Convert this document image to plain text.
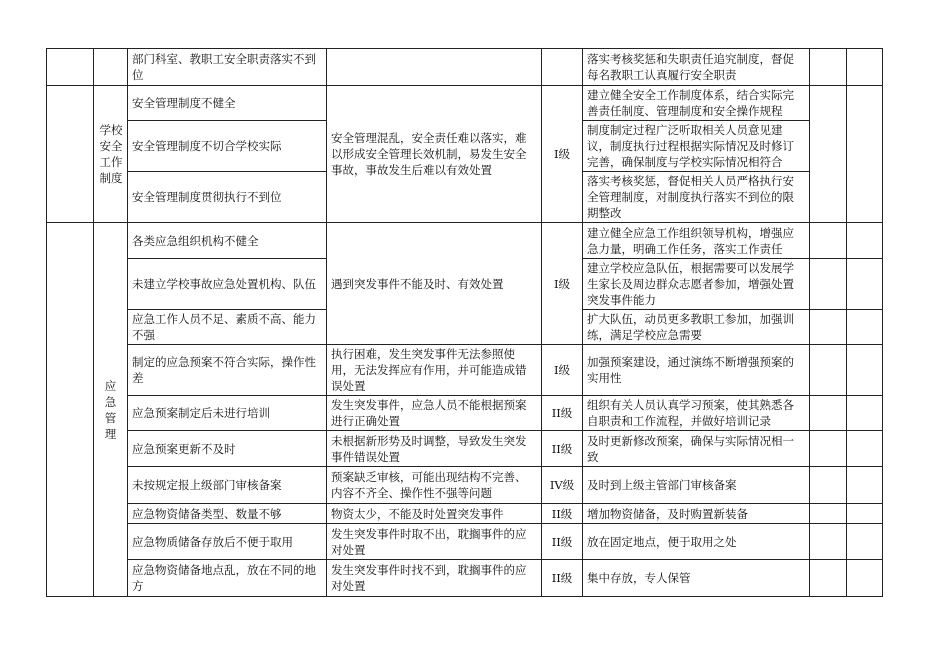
		部门科室、教职工安全职责落实不到位			落实考核奖惩和失职责任追究制度，督促每名教职工认真履行安全职责		
	学校安全工作制度	安全管理制度不健全	安全管理混乱，安全责任难以落实，难以形成安全管理长效机制，易发生安全事故，事故发生后难以有效处置	I级	建立健全安全工作制度体系，结合实际完善责任制度、管理制度和安全操作规程		
		安全管理制度不切合学校实际			制度制定过程广泛听取相关人员意见建议，制度执行过程根据实际情况及时修订完善，确保制度与学校实际情况相符合		
		安全管理制度贯彻执行不到位			落实考核奖惩，督促相关人员严格执行安全管理制度，对制度执行落实不到位的限期整改		

	应急管理	各类应急组织机构不健全	遇到突发事件不能及时、有效处置	I级	建立健全应急工作组织领导机构，增强应急力量，明确工作任务，落实工作责任		
		未建立学校事故应急处置机构、队伍			建立学校应急队伍，根据需要可以发展学生家长及周边群众志愿者参加，增强处置突发事件能力		
		应急工作人员不足、素质不高、能力不强			扩大队伍，动员更多教职工参加，加强训练，满足学校应急需要		
		制定的应急预案不符合实际，操作性差	执行困难，发生突发事件无法参照使用，无法发挥应有作用，并可能造成错误处置	I级	加强预案建设，通过演练不断增强预案的实用性		
		应急预案制定后未进行培训	发生突发事件，应急人员不能根据预案进行正确处置	II级	组织有关人员认真学习预案，使其熟悉各自职责和工作流程，并做好培训记录		
		应急预案更新不及时	未根据新形势及时调整，导致发生突发事件错误处置	II级	及时更新修改预案，确保与实际情况相一致		
		未按规定报上级部门审核备案	预案缺乏审核，可能出现结构不完善、内容不齐全、操作性不强等问题	IV级	及时到上级主管部门审核备案		
		应急物资储备类型、数量不够	物资太少，不能及时处置突发事件	II级	增加物资储备，及时购置新装备		
		应急物质储备存放后不便于取用	发生突发事件时取不出，耽搁事件的应对处置	II级	放在固定地点，便于取用之处		
		应急物资储备地点乱，放在不同的地方	发生突发事件时找不到，耽搁事件的应对处置	II级	集中存放，专人保管		
